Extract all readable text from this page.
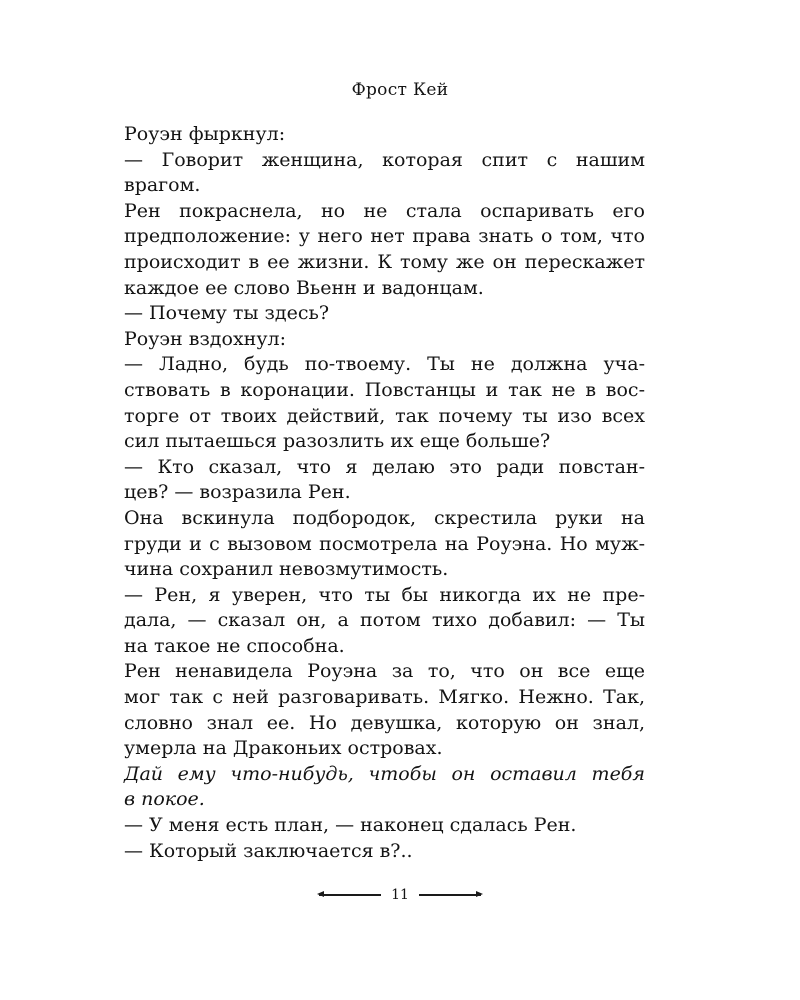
Фрост Кей
Роуэн фыркнул:
— Говорит женщина, которая спит с нашим
врагом.
Рен покраснела, но не стала оспаривать его
предположение: у него нет права знать о том, что
происходит в ее жизни. К тому же он перескажет
каждое ее слово Вьенн и вадонцам.
— Почему ты здесь?
Роуэн вздохнул:
— Ладно, будь по-твоему. Ты не должна уча-
ствовать в коронации. Повстанцы и так не в вос-
торге от твоих действий, так почему ты изо всех
сил пытаешься разозлить их еще больше?
— Кто сказал, что я делаю это ради повстан-
цев? — возразила Рен.
Она вскинула подбородок, скрестила руки на
груди и с вызовом посмотрела на Роуэна. Но муж-
чина сохранил невозмутимость.
— Рен, я уверен, что ты бы никогда их не пре-
дала, — сказал он, а потом тихо добавил: — Ты
на такое не способна.
Рен ненавидела Роуэна за то, что он все еще
мог так с ней разговаривать. Мягко. Нежно. Так,
словно знал ее. Но девушка, которую он знал,
умерла на Драконьих островах.
Дай ему что-нибудь, чтобы он оставил тебя
в покое.
— У меня есть план, — наконец сдалась Рен.
— Который заключается в?..
11
